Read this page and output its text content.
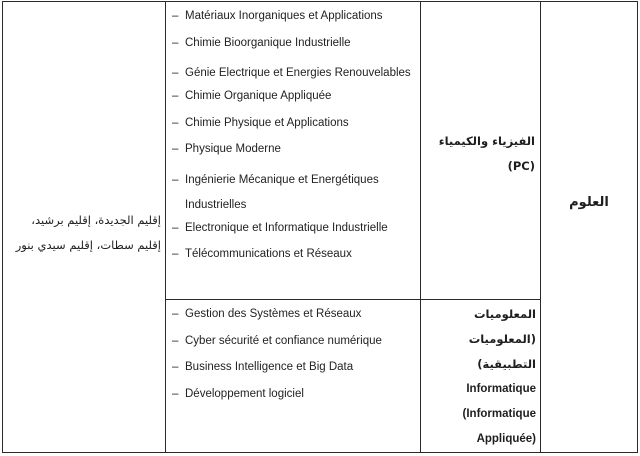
العلوم
إقليم الجديدة، إقليم برشيد، إقليم سطات، إقليم سيدي بنور
الفيزياء والكيمياء (PC)
– Matériaux Inorganiques et Applications
– Chimie Bioorganique Industrielle
– Génie Electrique et Energies Renouvelables
– Chimie Organique Appliquée
– Chimie Physique et Applications
– Physique Moderne
– Ingénierie Mécanique et Energétiques Industrielles
– Electronique et Informatique Industrielle
– Télécommunications et Réseaux
المعلوميات (المعلوميات التطبيقية)
Informatique (Informatique Appliquée)
– Gestion des Systèmes et Réseaux
– Cyber sécurité et confiance numérique
– Business Intelligence et Big Data
– Développement logiciel
